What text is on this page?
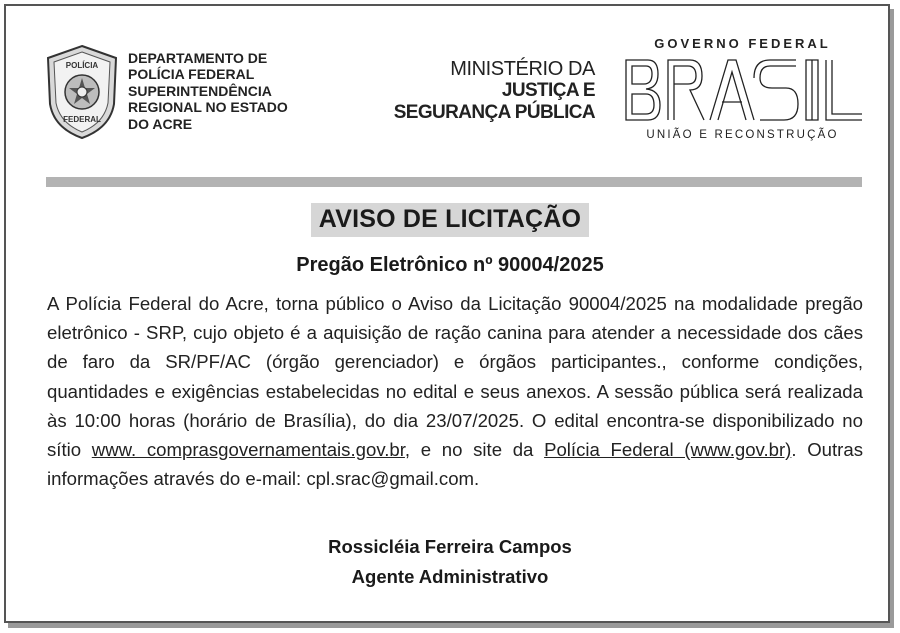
POLÍCIA
FEDERAL
DEPARTAMENTO DE
POLÍCIA FEDERAL
SUPERINTENDÊNCIA
REGIONAL NO ESTADO
DO ACRE
MINISTÉRIO DA
JUSTIÇA E
SEGURANÇA PÚBLICA
GOVERNO FEDERAL
UNIÃO E RECONSTRUÇÃO
AVISO DE LICITAÇÃO
Pregão Eletrônico nº 90004/2025
A Polícia Federal do Acre, torna público o Aviso da Licitação 90004/2025 na modalidade pregão eletrônico - SRP, cujo objeto é a aquisição de ração canina para atender a necessidade dos cães de faro da SR/PF/AC (órgão gerenciador) e órgãos participantes., conforme condições, quantidades e exigências estabelecidas no edital e seus anexos. A sessão pública será realizada às 10:00 horas (horário de Brasília), do dia 23/07/2025. O edital encontra-se disponibilizado no sítio www. comprasgovernamentais.gov.br, e no site da Polícia Federal (www.gov.br). Outras informações através do e-mail: cpl.srac@gmail.com.
Rossicléia Ferreira Campos
Agente Administrativo
